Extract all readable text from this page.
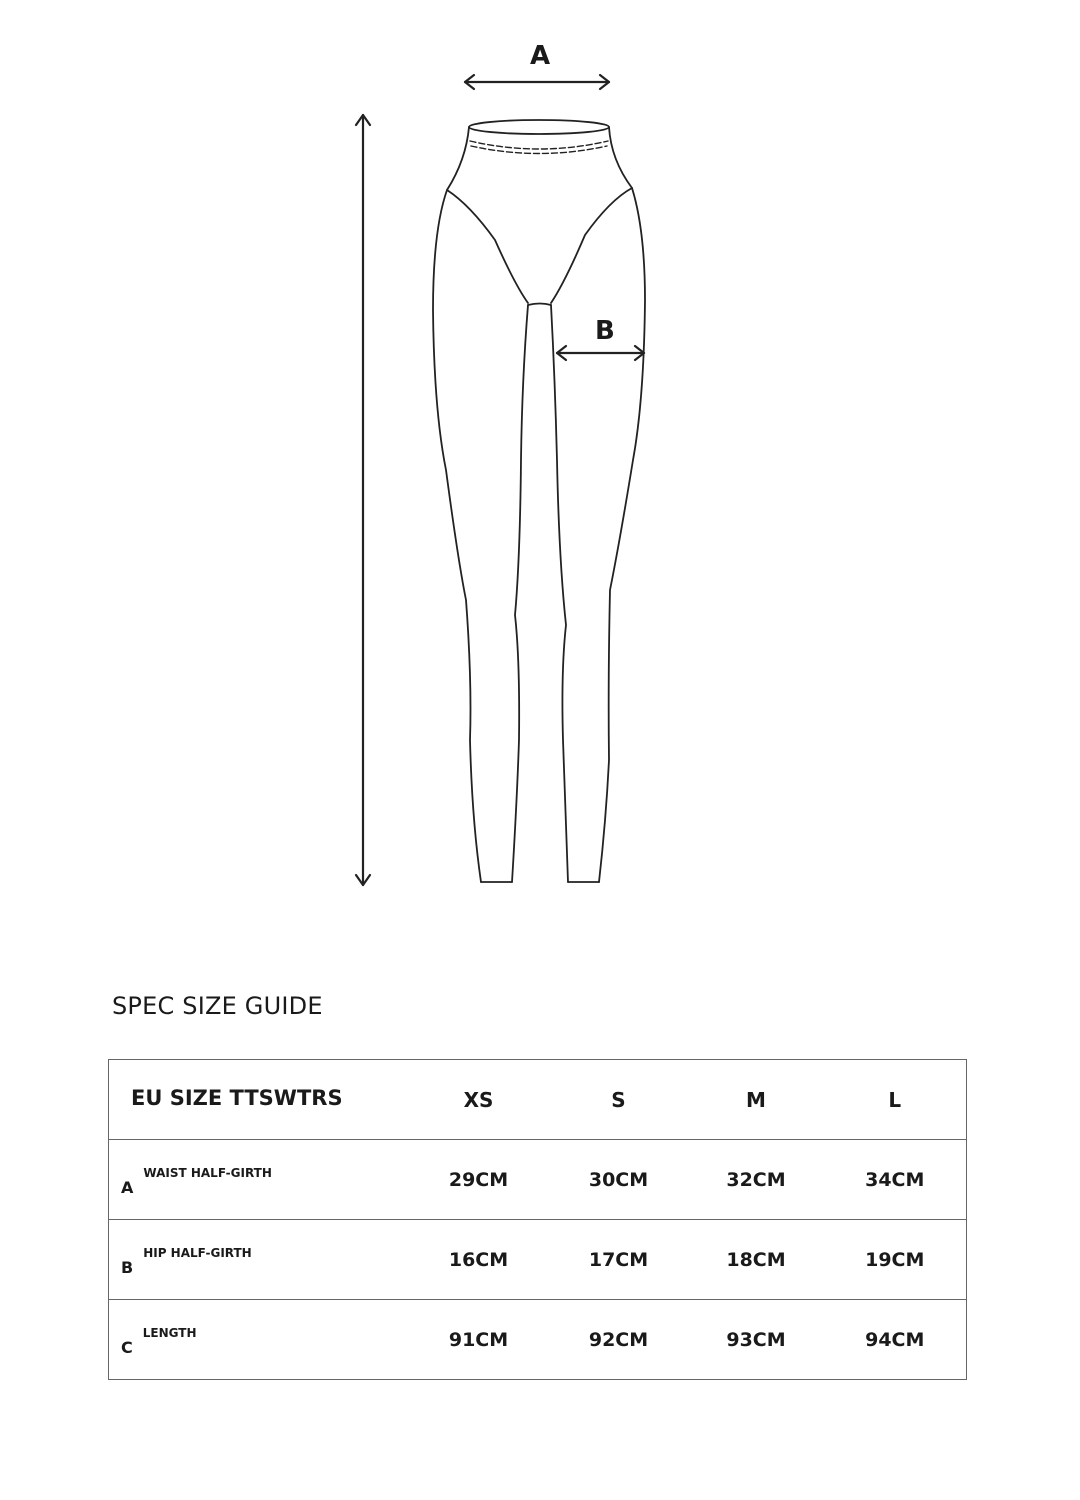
A
B
SPEC SIZE GUIDE
EU SIZE TTSWTRS	XS	S	M	L
$A^{WAIST HALF-GIRTH}$	29CM	30CM	32CM	34CM
$B^{HIP HALF-GIRTH}$	16CM	17CM	18CM	19CM
$C^{LENGTH}$	91CM	92CM	93CM	94CM
